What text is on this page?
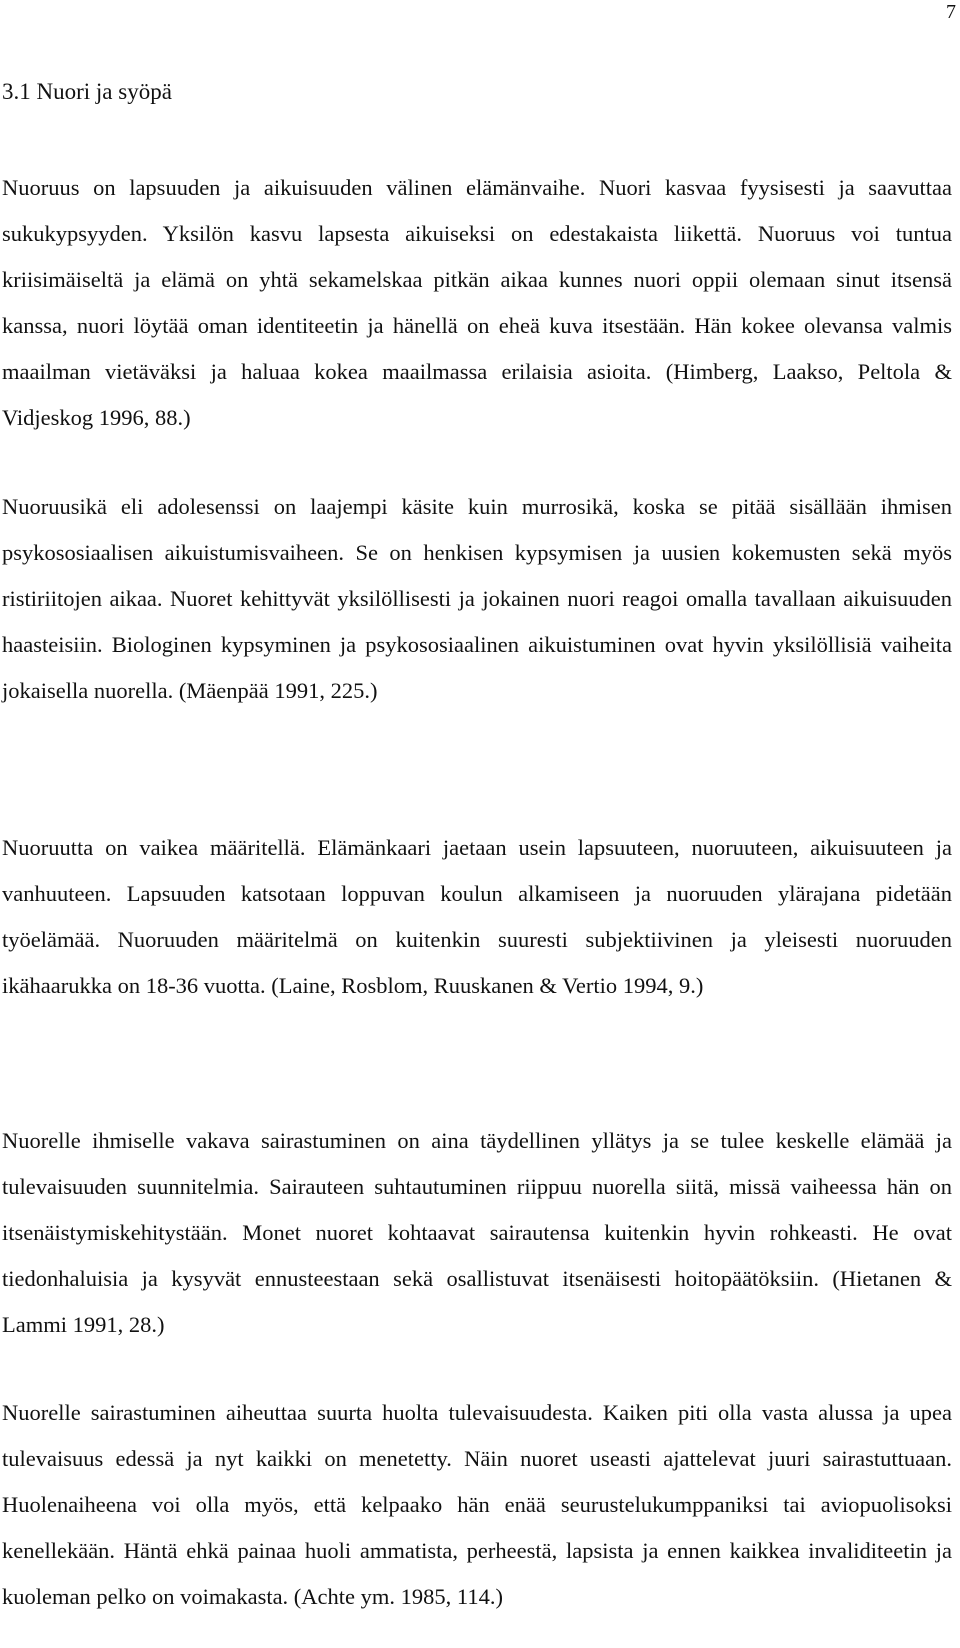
7
3.1 Nuori ja syöpä

Nuoruus on lapsuuden ja aikuisuuden välinen elämänvaihe. Nuori kasvaa fyysisesti ja saavuttaa sukukypsyyden. Yksilön kasvu lapsesta aikuiseksi on edestakaista liikettä. Nuoruus voi tuntua kriisimäiseltä ja elämä on yhtä sekamelskaa pitkän aikaa kunnes nuori oppii olemaan sinut itsensä kanssa, nuori löytää oman identiteetin ja hänellä on eheä kuva itsestään. Hän kokee olevansa valmis maailman vietäväksi ja haluaa kokea maailmassa erilaisia asioita. (Himberg, Laakso, Peltola & Vidjeskog 1996, 88.)

Nuoruusikä eli adolesenssi on laajempi käsite kuin murrosikä, koska se pitää sisällään ihmisen psykososiaalisen aikuistumisvaiheen. Se on henkisen kypsymisen ja uusien kokemusten sekä myös ristiriitojen aikaa. Nuoret kehittyvät yksilöllisesti ja jokainen nuori reagoi omalla tavallaan aikuisuuden haasteisiin. Biologinen kypsyminen ja psykososiaalinen aikuistuminen ovat hyvin yksilöllisiä vaiheita jokaisella nuorella. (Mäenpää 1991, 225.)

Nuoruutta on vaikea määritellä. Elämänkaari jaetaan usein lapsuuteen, nuoruuteen, aikuisuuteen ja vanhuuteen. Lapsuuden katsotaan loppuvan koulun alkamiseen ja nuoruuden ylärajana pidetään työelämää. Nuoruuden määritelmä on kuitenkin suuresti subjektiivinen ja yleisesti nuoruuden ikähaarukka on 18-36 vuotta. (Laine, Rosblom, Ruuskanen & Vertio 1994, 9.)

Nuorelle ihmiselle vakava sairastuminen on aina täydellinen yllätys ja se tulee keskelle elämää ja tulevaisuuden suunnitelmia. Sairauteen suhtautuminen riippuu nuorella siitä, missä vaiheessa hän on itsenäistymiskehitystään. Monet nuoret kohtaavat sairautensa kuitenkin hyvin rohkeasti. He ovat tiedonhaluisia ja kysyvät ennusteestaan sekä osallistuvat itsenäisesti hoitopäätöksiin. (Hietanen & Lammi 1991, 28.)

Nuorelle sairastuminen aiheuttaa suurta huolta tulevaisuudesta. Kaiken piti olla vasta alussa ja upea tulevaisuus edessä ja nyt kaikki on menetetty. Näin nuoret useasti ajattelevat juuri sairastuttuaan. Huolenaiheena voi olla myös, että kelpaako hän enää seurustelukumppaniksi tai aviopuolisoksi kenellekään. Häntä ehkä painaa huoli ammatista, perheestä, lapsista ja ennen kaikkea invaliditeetin ja kuoleman pelko on voimakasta. (Achte ym. 1985, 114.)
